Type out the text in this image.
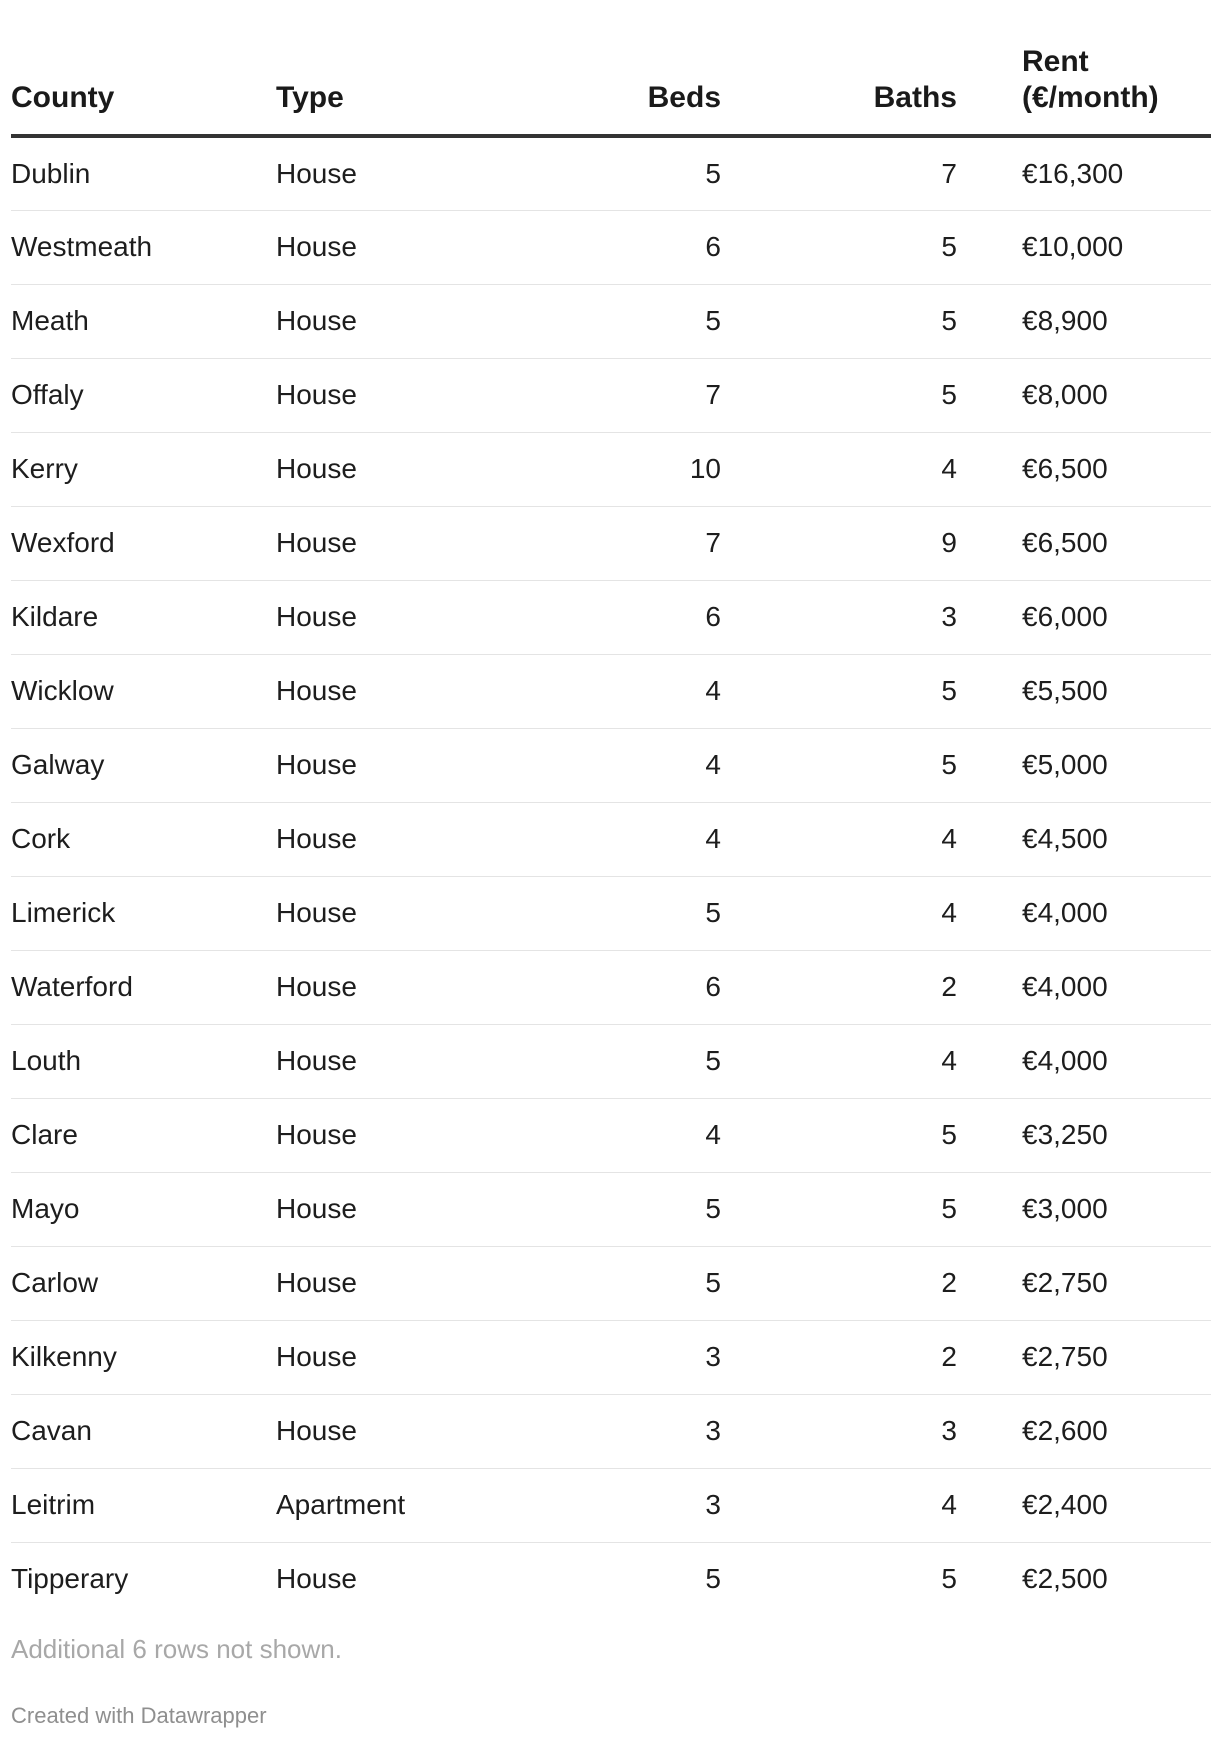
County	Type	Beds	Baths	Rent (€/month)
Dublin	House	5	7	€16,300
Westmeath	House	6	5	€10,000
Meath	House	5	5	€8,900
Offaly	House	7	5	€8,000
Kerry	House	10	4	€6,500
Wexford	House	7	9	€6,500
Kildare	House	6	3	€6,000
Wicklow	House	4	5	€5,500
Galway	House	4	5	€5,000
Cork	House	4	4	€4,500
Limerick	House	5	4	€4,000
Waterford	House	6	2	€4,000
Louth	House	5	4	€4,000
Clare	House	4	5	€3,250
Mayo	House	5	5	€3,000
Carlow	House	5	2	€2,750
Kilkenny	House	3	2	€2,750
Cavan	House	3	3	€2,600
Leitrim	Apartment	3	4	€2,400
Tipperary	House	5	5	€2,500
Additional 6 rows not shown.
Created with Datawrapper
